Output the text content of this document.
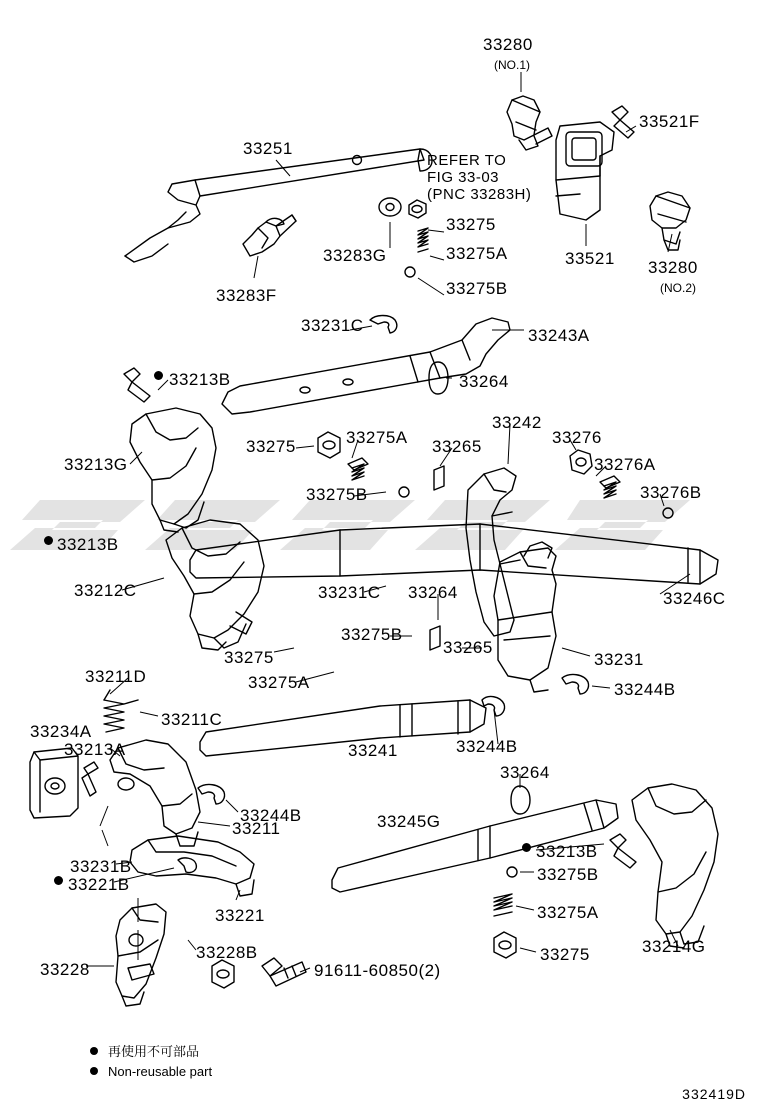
33280
(NO.1)
33521F
33251
REFER TO
FIG 33-03
(PNC 33283H)
33275
33283G	33275A	33521 33280
(NO.2)
33283F	33275B
33231C
33243A
33264
33213B
33242
33276
33275	33275A 33265
33276A
33213G
33276B
33275B
33213B
33246C
33212C	33231C 33264
33275B
33265
33231
33275
33275A	33244B
33211D
33211C
33234A
33213A	33241	33244B
33264
33244B	33245G
33211
33213B
33231B	33275B
33221B
33221	33275A
33214G
33228B	33275
33228	91611-60850(2)
再使用不可部品
Non-reusable part
332419D
